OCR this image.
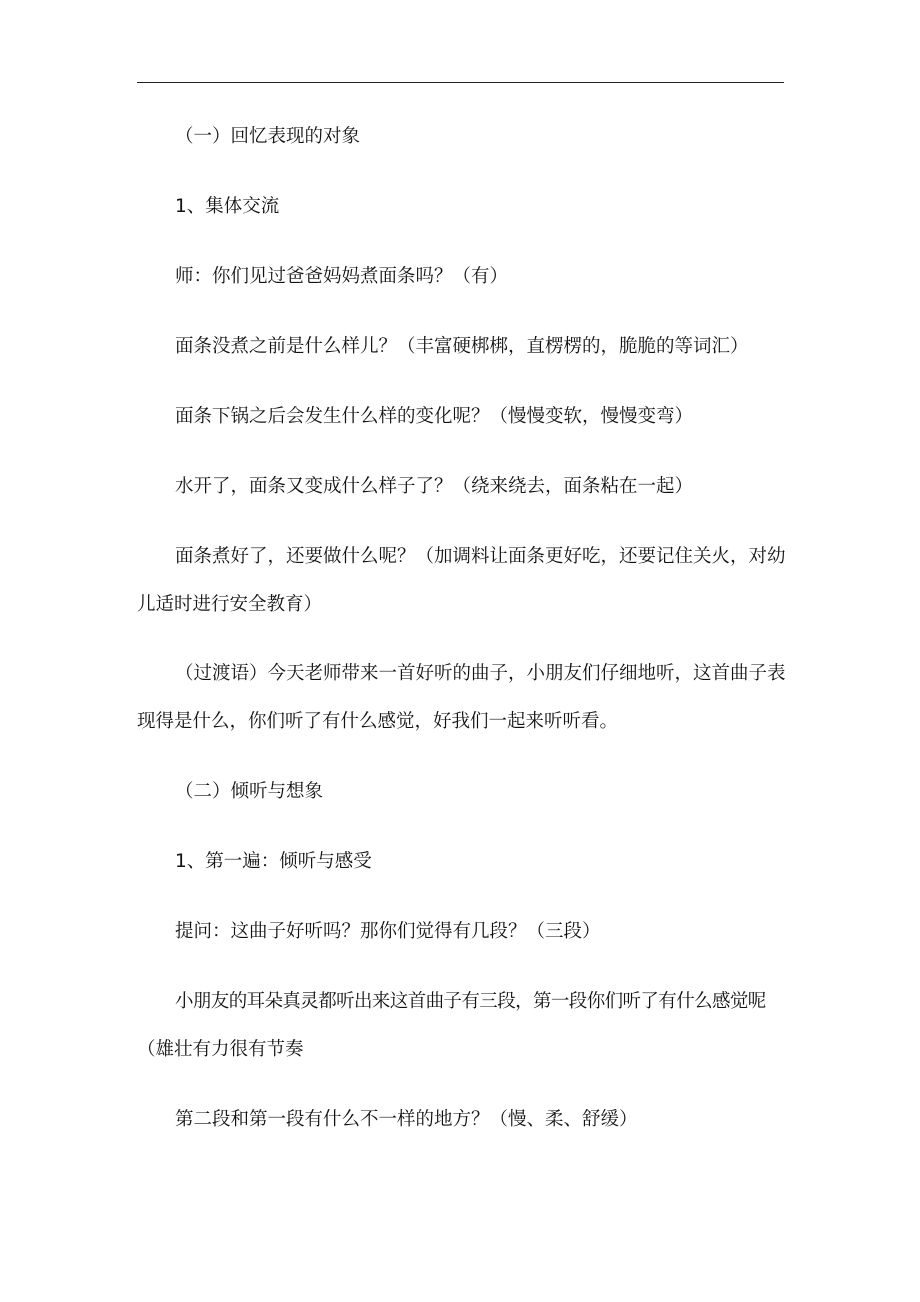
（一）回忆表现的对象
1、集体交流
师：你们见过爸爸妈妈煮面条吗？（有）
面条没煮之前是什么样儿？（丰富硬梆梆，直楞楞的，脆脆的等词汇）
面条下锅之后会发生什么样的变化呢？（慢慢变软，慢慢变弯）
水开了，面条又变成什么样子了？（绕来绕去，面条粘在一起）
面条煮好了，还要做什么呢？（加调料让面条更好吃，还要记住关火，对幼
儿适时进行安全教育）
（过渡语）今天老师带来一首好听的曲子，小朋友们仔细地听，这首曲子表
现得是什么，你们听了有什么感觉，好我们一起来听听看。
（二）倾听与想象
1、第一遍：倾听与感受
提问：这曲子好听吗？那你们觉得有几段？（三段）
小朋友的耳朵真灵都听出来这首曲子有三段，第一段你们听了有什么感觉呢
（雄壮有力很有节奏
第二段和第一段有什么不一样的地方？（慢、柔、舒缓）
